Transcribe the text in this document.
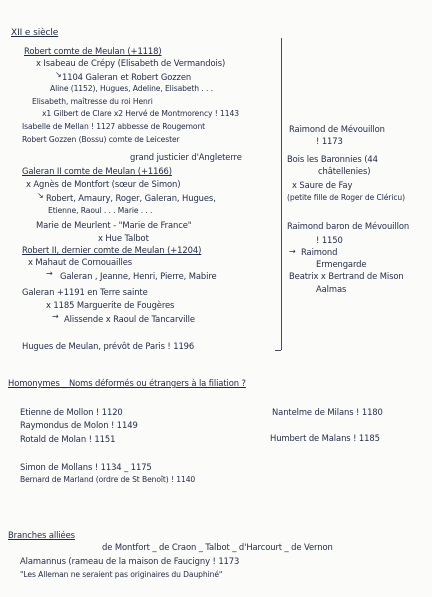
XII e siècle
Robert comte de Meulan (+1118)
x Isabeau de Crépy (Elisabeth de Vermandois)
↘ 1104 Galeran et Robert Gozzen
Aline (1152), Hugues, Adeline, Elisabeth . . .
Elisabeth, maîtresse du roi Henri
x1 Gilbert de Clare x2 Hervé de Montmorency ! 1143
Isabelle de Mellan ! 1127 abbesse de Rougemont
Robert Gozzen (Bossu) comte de Leicester
grand justicier d'Angleterre
Galeran II comte de Meulan (+1166)
x Agnès de Montfort (sœur de Simon)
↘ Robert, Amaury, Roger, Galeran, Hugues,
Etienne, Raoul . . . Marie . . .
Marie de Meurlent - "Marie de France"
x Hue Talbot
Robert II, dernier comte de Meulan (+1204)
x Mahaut de Cornouailles
→ Galeran , Jeanne, Henri, Pierre, Mabire
Galeran +1191 en Terre sainte
x 1185 Marguerite de Fougères
→ Alissende x Raoul de Tancarville
Hugues de Meulan, prévôt de Paris ! 1196
Raimond de Mévouillon
! 1173
Bois les Baronnies (44
châtellenies)
x Saure de Fay
(petite fille de Roger de Cléricu)
Raimond baron de Mévouillon
! 1150
→ Raimond
Ermengarde
Beatrix x Bertrand de Mison
Aalmas
Homonymes _ Noms déformés ou étrangers à la filiation ?
Etienne de Mollon ! 1120
Raymondus de Molon ! 1149
Rotald de Molan ! 1151
Nantelme de Milans ! 1180
Humbert de Malans ! 1185
Simon de Mollans ! 1134 _ 1175
Bernard de Marland (ordre de St Benoît) ! 1140
Branches alliées
de Montfort _ de Craon _ Talbot _ d'Harcourt _ de Vernon
Alamannus (rameau de la maison de Faucigny ! 1173
"Les Alleman ne seraient pas originaires du Dauphiné"
